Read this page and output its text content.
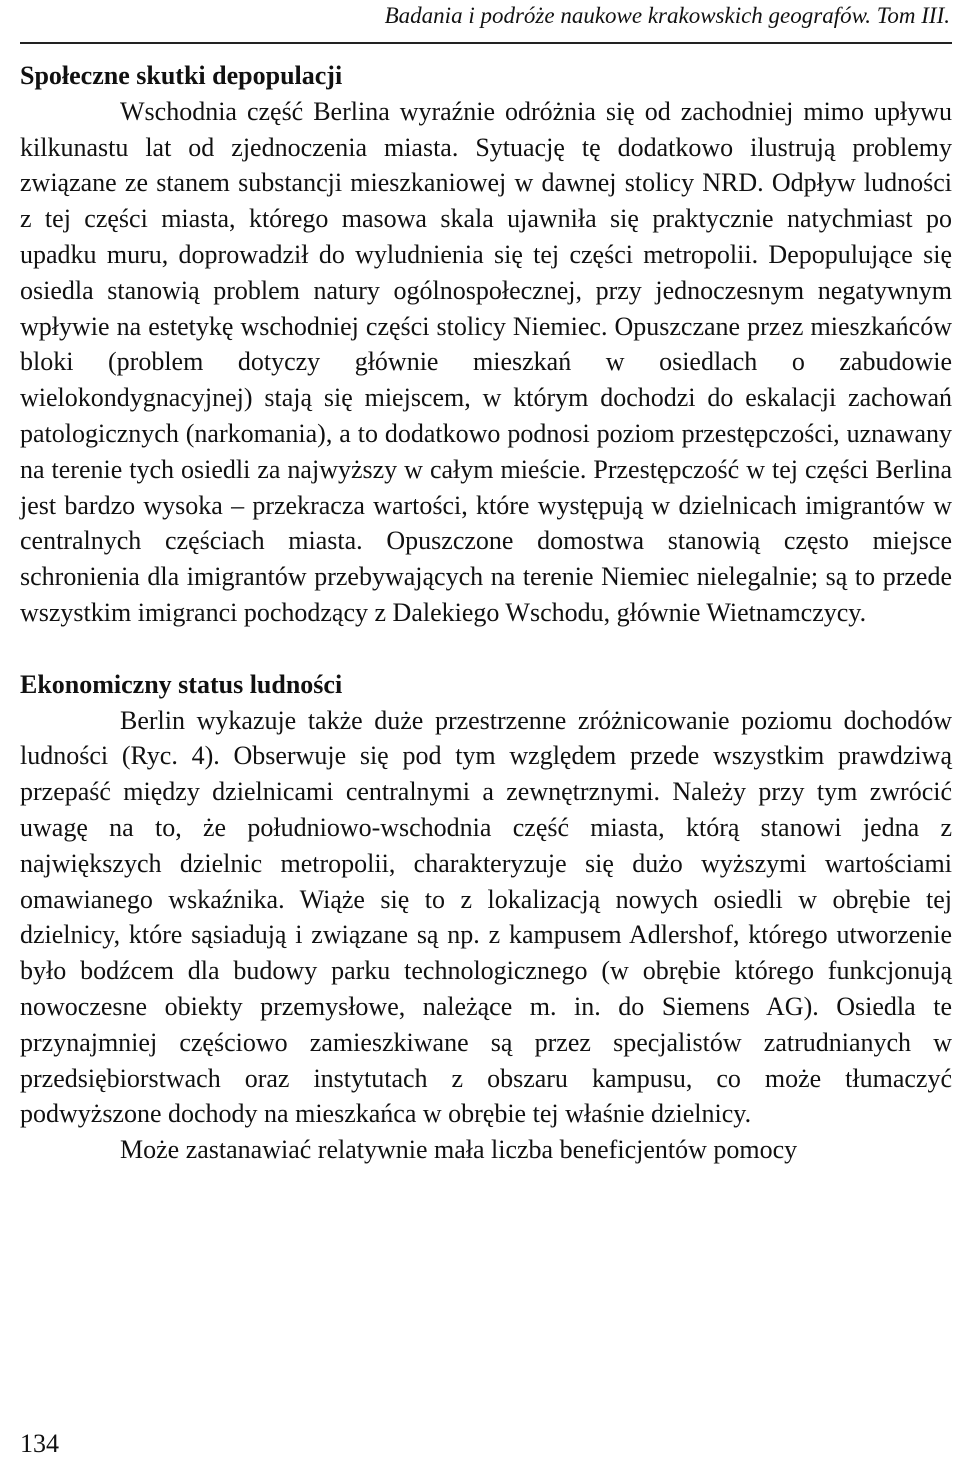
Badania i podróże naukowe krakowskich geografów. Tom III.
Społeczne skutki depopulacji

Wschodnia część Berlina wyraźnie odróżnia się od zachodniej mimo upływu kilkunastu lat od zjednoczenia miasta. Sytuację tę dodatkowo ilustrują problemy związane ze stanem substancji mieszkaniowej w dawnej stolicy NRD. Odpływ ludności z tej części miasta, którego masowa skala ujawniła się praktycznie natychmiast po upadku muru, doprowadził do wyludnienia się tej części metropolii. Depopulujące się osiedla stanowią problem natury ogólnospołecznej, przy jednoczesnym negatywnym wpływie na estetykę wschodniej części stolicy Niemiec. Opuszczane przez mieszkańców bloki (problem dotyczy głównie mieszkań w osiedlach o zabudowie wielokondygnacyjnej) stają się miejscem, w którym dochodzi do eskalacji zachowań patologicznych (narkomania), a to dodatkowo podnosi poziom przestępczości, uznawany na terenie tych osiedli za najwyższy w całym mieście. Przestępczość w tej części Berlina jest bardzo wysoka – przekracza wartości, które występują w dzielnicach imigrantów w centralnych częściach miasta. Opuszczone domostwa stanowią często miejsce schronienia dla imigrantów przebywających na terenie Niemiec nielegalnie; są to przede wszystkim imigranci pochodzący z Dalekiego Wschodu, głównie Wietnamczycy.

Ekonomiczny status ludności

Berlin wykazuje także duże przestrzenne zróżnicowanie poziomu dochodów ludności (Ryc. 4). Obserwuje się pod tym względem przede wszystkim prawdziwą przepaść między dzielnicami centralnymi a zewnętrznymi. Należy przy tym zwrócić uwagę na to, że południowo-wschodnia część miasta, którą stanowi jedna z największych dzielnic metropolii, charakteryzuje się dużo wyższymi wartościami omawianego wskaźnika. Wiąże się to z lokalizacją nowych osiedli w obrębie tej dzielnicy, które sąsiadują i związane są np. z kampusem Adlershof, którego utworzenie było bodźcem dla budowy parku technologicznego (w obrębie którego funkcjonują nowoczesne obiekty przemysłowe, należące m. in. do Siemens AG). Osiedla te przynajmniej częściowo zamieszkiwane są przez specjalistów zatrudnianych w przedsiębiorstwach oraz instytutach z obszaru kampusu, co może tłumaczyć podwyższone dochody na mieszkańca w obrębie tej właśnie dzielnicy.

Może zastanawiać relatywnie mała liczba beneficjentów pomocy

134
